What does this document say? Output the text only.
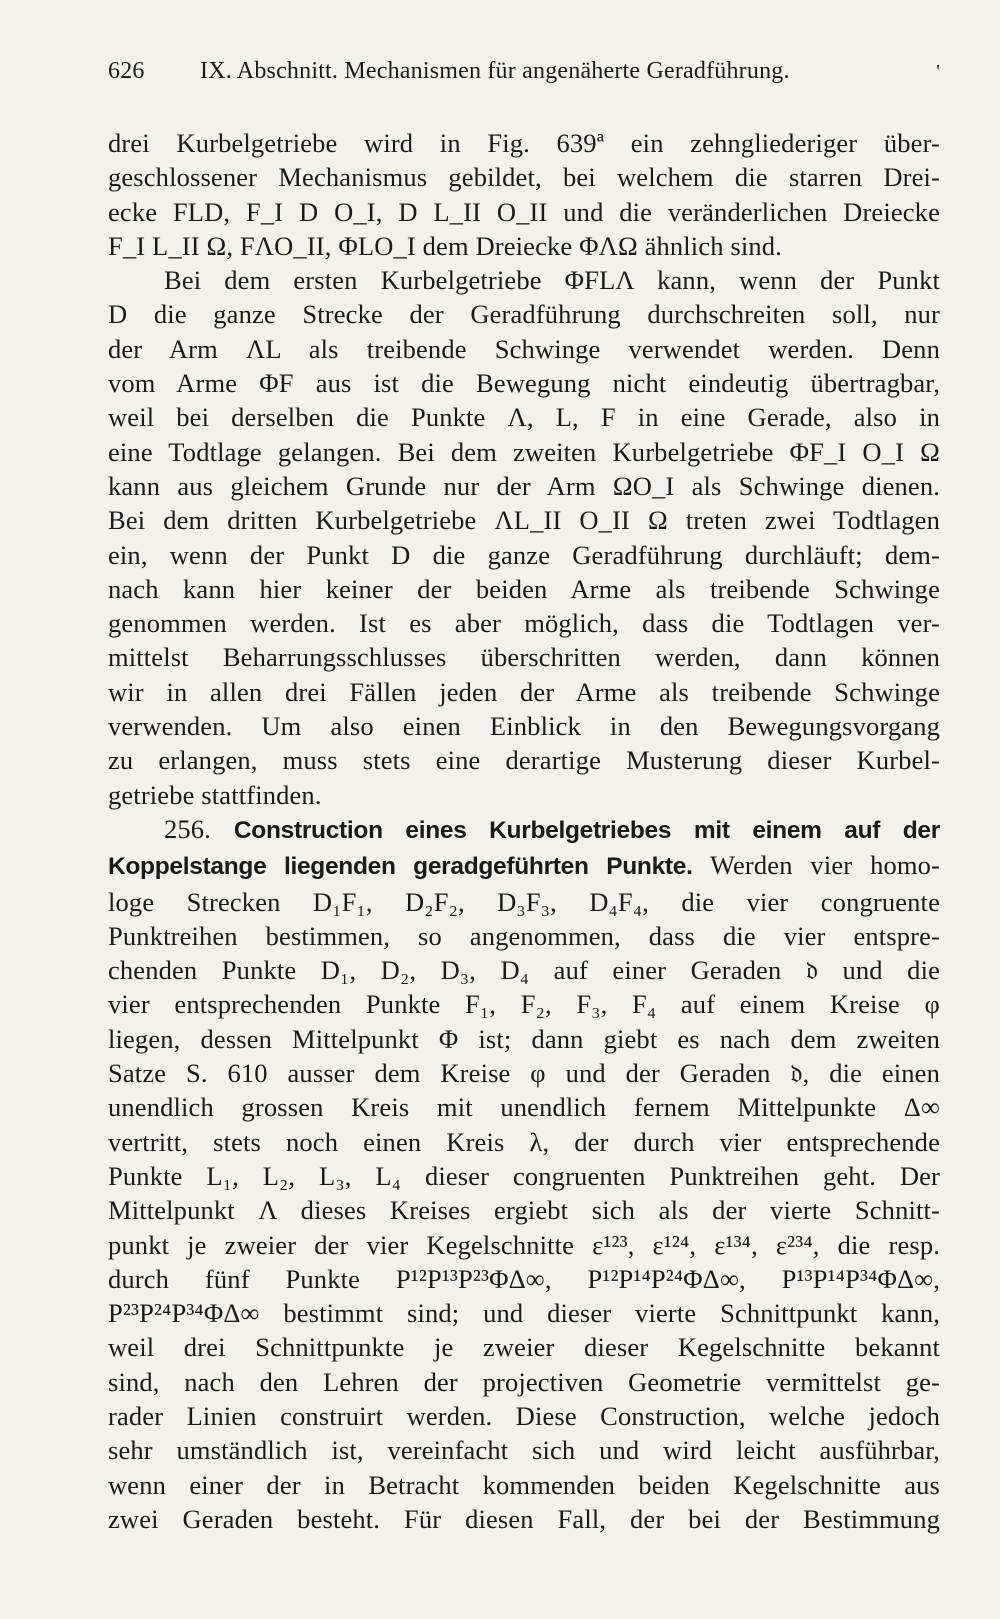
626	IX. Abschnitt. Mechanismen für angenäherte Geradführung.	'

drei Kurbelgetriebe wird in Fig. 639ª ein zehngliederiger über-
geschlossener Mechanismus gebildet, bei welchem die starren Drei-
ecke FLD, F_I D O_I, D L_II O_II und die veränderlichen Dreiecke
F_I L_II Ω, FΛO_II, ΦLO_I dem Dreiecke ΦΛΩ ähnlich sind.

Bei dem ersten Kurbelgetriebe ΦFLΛ kann, wenn der Punkt
D die ganze Strecke der Geradführung durchschreiten soll, nur
der Arm ΛL als treibende Schwinge verwendet werden. Denn
vom Arme ΦF aus ist die Bewegung nicht eindeutig übertragbar,
weil bei derselben die Punkte Λ, L, F in eine Gerade, also in
eine Todtlage gelangen. Bei dem zweiten Kurbelgetriebe ΦF_I O_I Ω
kann aus gleichem Grunde nur der Arm ΩO_I als Schwinge dienen.
Bei dem dritten Kurbelgetriebe ΛL_II O_II Ω treten zwei Todtlagen
ein, wenn der Punkt D die ganze Geradführung durchläuft; dem-
nach kann hier keiner der beiden Arme als treibende Schwinge
genommen werden. Ist es aber möglich, dass die Todtlagen ver-
mittelst Beharrungsschlusses überschritten werden, dann können
wir in allen drei Fällen jeden der Arme als treibende Schwinge
verwenden. Um also einen Einblick in den Bewegungsvorgang
zu erlangen, muss stets eine derartige Musterung dieser Kurbel-
getriebe stattfinden.

256. Construction eines Kurbelgetriebes mit einem auf der
Koppelstange liegenden geradgeführten Punkte. Werden vier homo-
loge Strecken D₁F₁, D₂F₂, D₃F₃, D₄F₄, die vier congruente
Punktreihen bestimmen, so angenommen, dass die vier entspre-
chenden Punkte D₁, D₂, D₃, D₄ auf einer Geraden 𝔡 und die
vier entsprechenden Punkte F₁, F₂, F₃, F₄ auf einem Kreise φ
liegen, dessen Mittelpunkt Φ ist; dann giebt es nach dem zweiten
Satze S. 610 ausser dem Kreise φ und der Geraden 𝔡, die einen
unendlich grossen Kreis mit unendlich fernem Mittelpunkte Δ∞
vertritt, stets noch einen Kreis λ, der durch vier entsprechende
Punkte L₁, L₂, L₃, L₄ dieser congruenten Punktreihen geht. Der
Mittelpunkt Λ dieses Kreises ergiebt sich als der vierte Schnitt-
punkt je zweier der vier Kegelschnitte ε¹²³, ε¹²⁴, ε¹³⁴, ε²³⁴, die resp.
durch fünf Punkte P¹²P¹³P²³ΦΔ∞, P¹²P¹⁴P²⁴ΦΔ∞, P¹³P¹⁴P³⁴ΦΔ∞,
P²³P²⁴P³⁴ΦΔ∞ bestimmt sind; und dieser vierte Schnittpunkt kann,
weil drei Schnittpunkte je zweier dieser Kegelschnitte bekannt
sind, nach den Lehren der projectiven Geometrie vermittelst ge-
rader Linien construirt werden. Diese Construction, welche jedoch
sehr umständlich ist, vereinfacht sich und wird leicht ausführbar,
wenn einer der in Betracht kommenden beiden Kegelschnitte aus
zwei Geraden besteht. Für diesen Fall, der bei der Bestimmung
